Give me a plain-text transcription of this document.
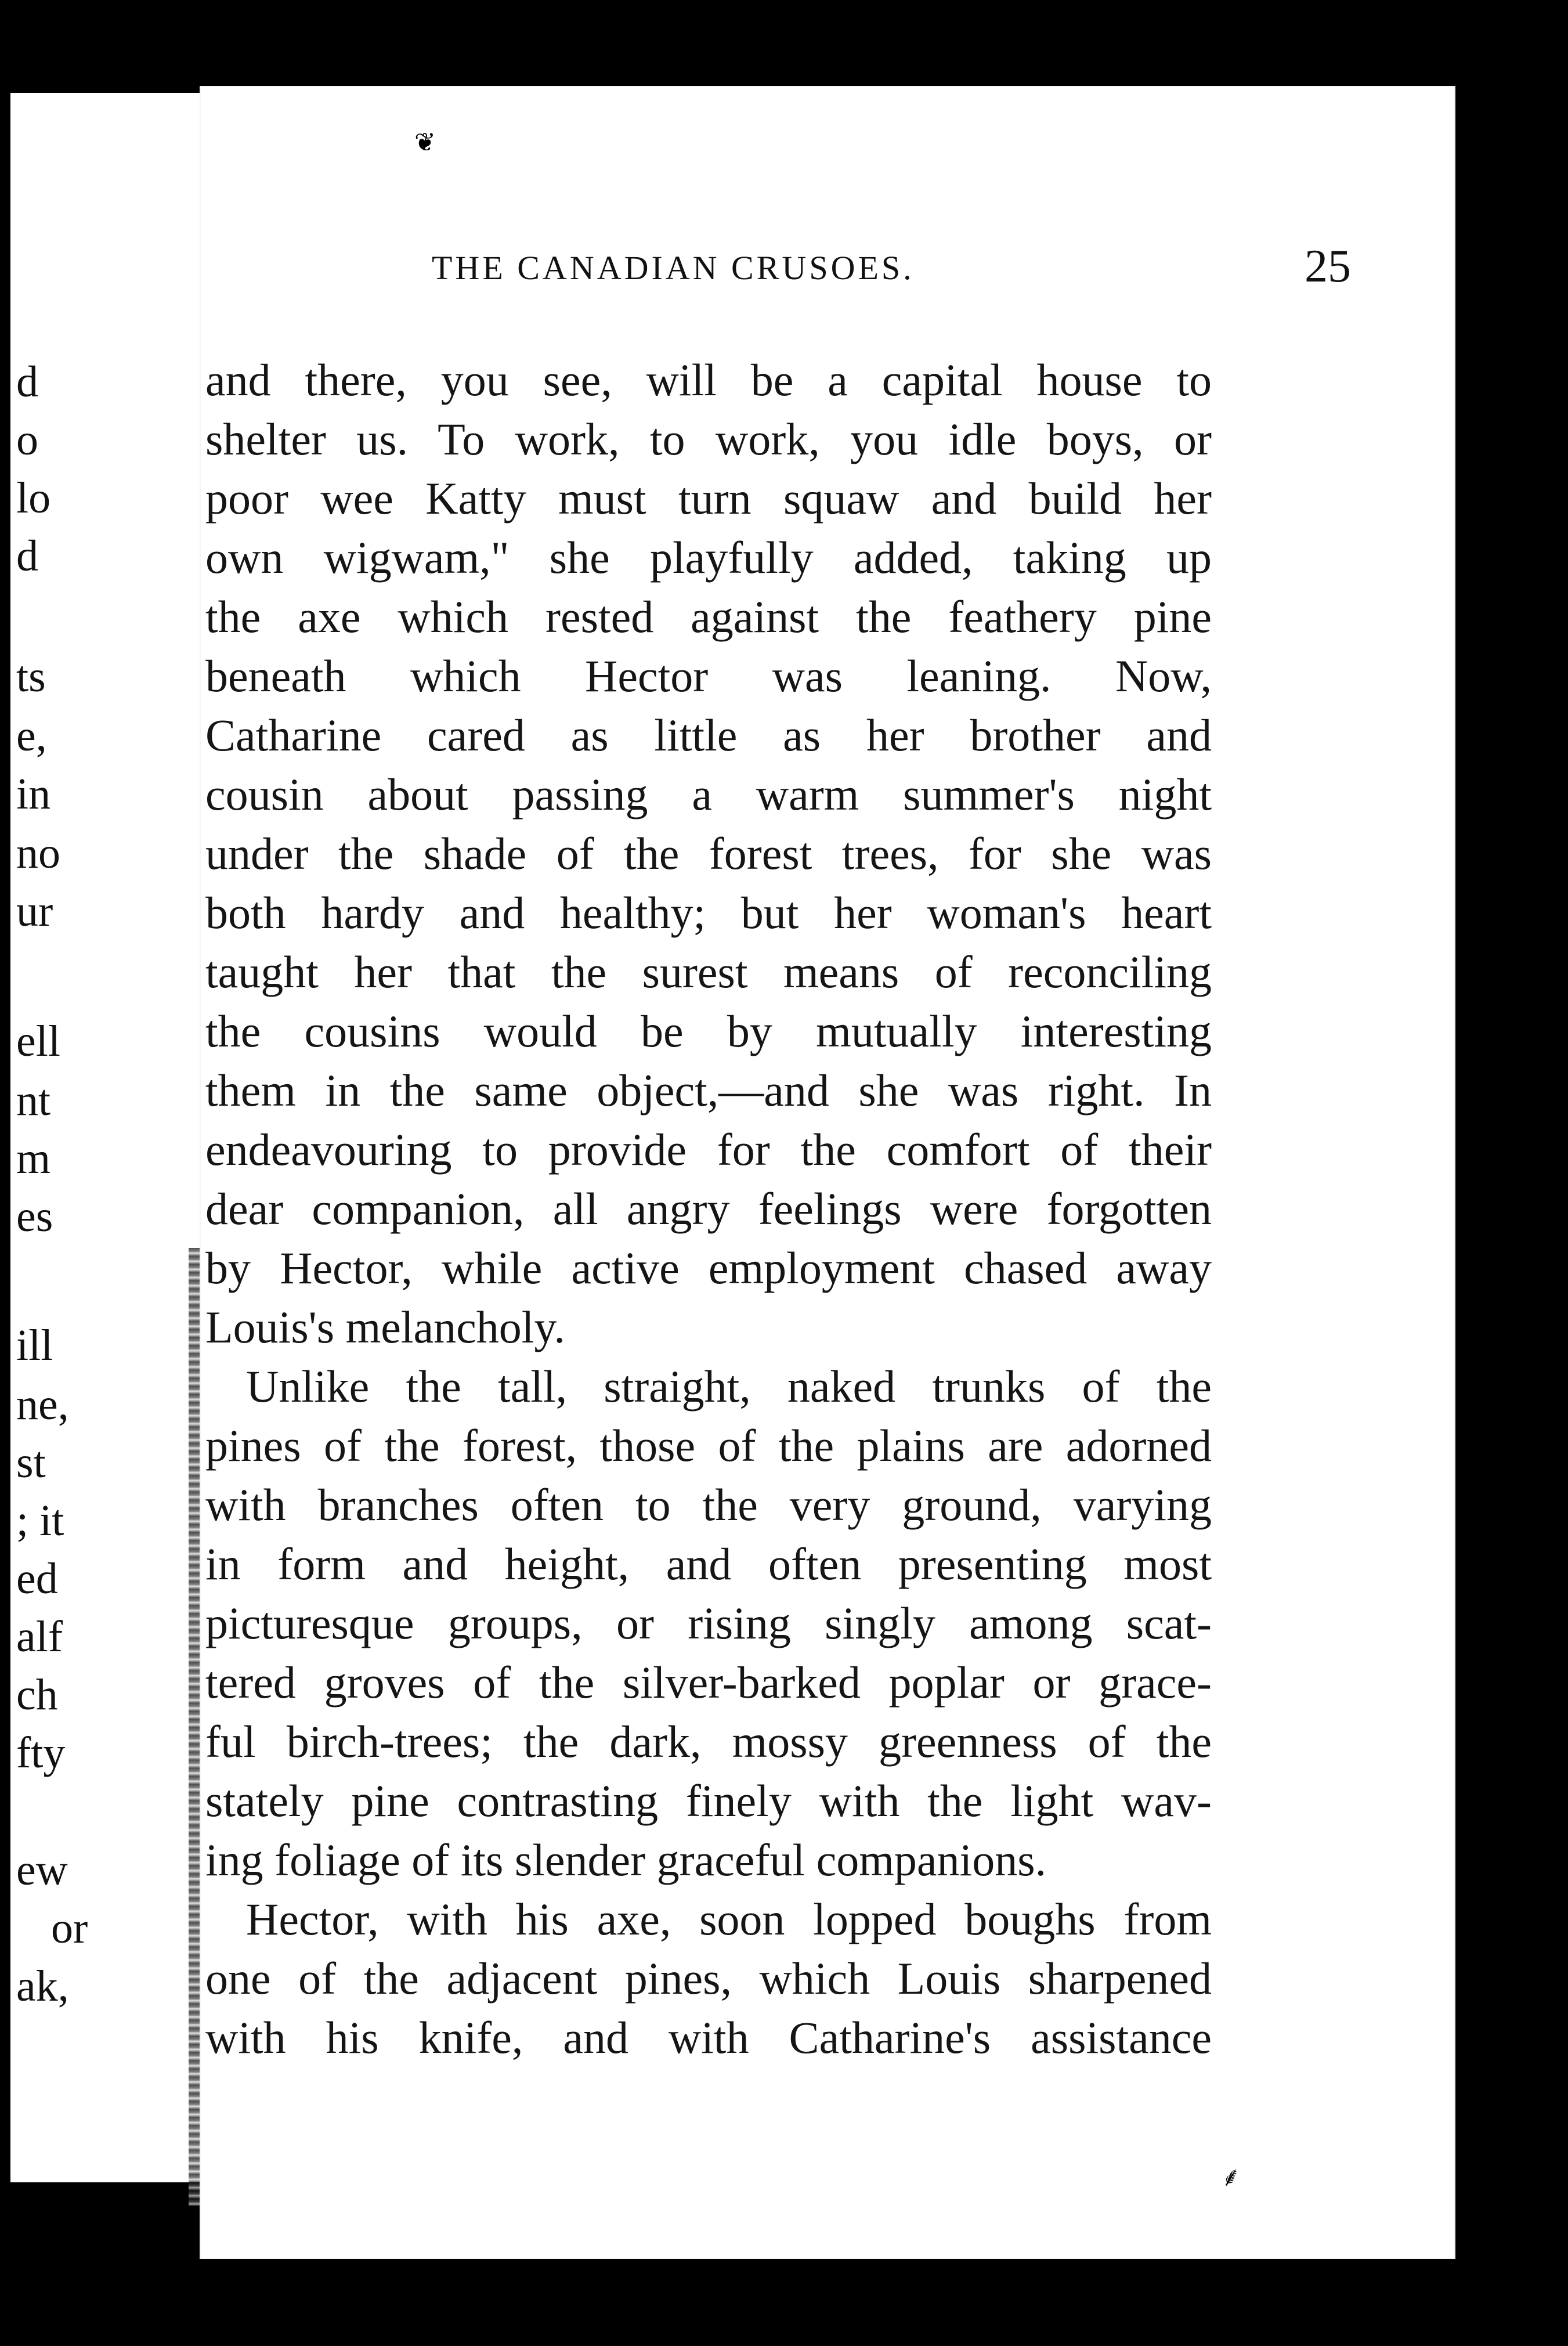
d
o
lo
d
ts
e,
in
no
ur
ell
nt
m
es
ill
ne,
st
; it
ed
alf
ch
fty
ew
or
ak,
❦
THE CANADIAN CRUSOES.	25
and there, you see, will be a capital house to
shelter us. To work, to work, you idle boys, or
poor wee Katty must turn squaw and build her
own wigwam," she playfully added, taking up
the axe which rested against the feathery pine
beneath which Hector was leaning. Now,
Catharine cared as little as her brother and
cousin about passing a warm summer's night
under the shade of the forest trees, for she was
both hardy and healthy; but her woman's heart
taught her that the surest means of reconciling
the cousins would be by mutually interesting
them in the same object,—and she was right. In
endeavouring to provide for the comfort of their
dear companion, all angry feelings were forgotten
by Hector, while active employment chased away
Louis's melancholy.
Unlike the tall, straight, naked trunks of the
pines of the forest, those of the plains are adorned
with branches often to the very ground, varying
in form and height, and often presenting most
picturesque groups, or rising singly among scat-
tered groves of the silver-barked poplar or grace-
ful birch-trees; the dark, mossy greenness of the
stately pine contrasting finely with the light wav-
ing foliage of its slender graceful companions.
Hector, with his axe, soon lopped boughs from
one of the adjacent pines, which Louis sharpened
with his knife, and with Catharine's assistance
⸙
